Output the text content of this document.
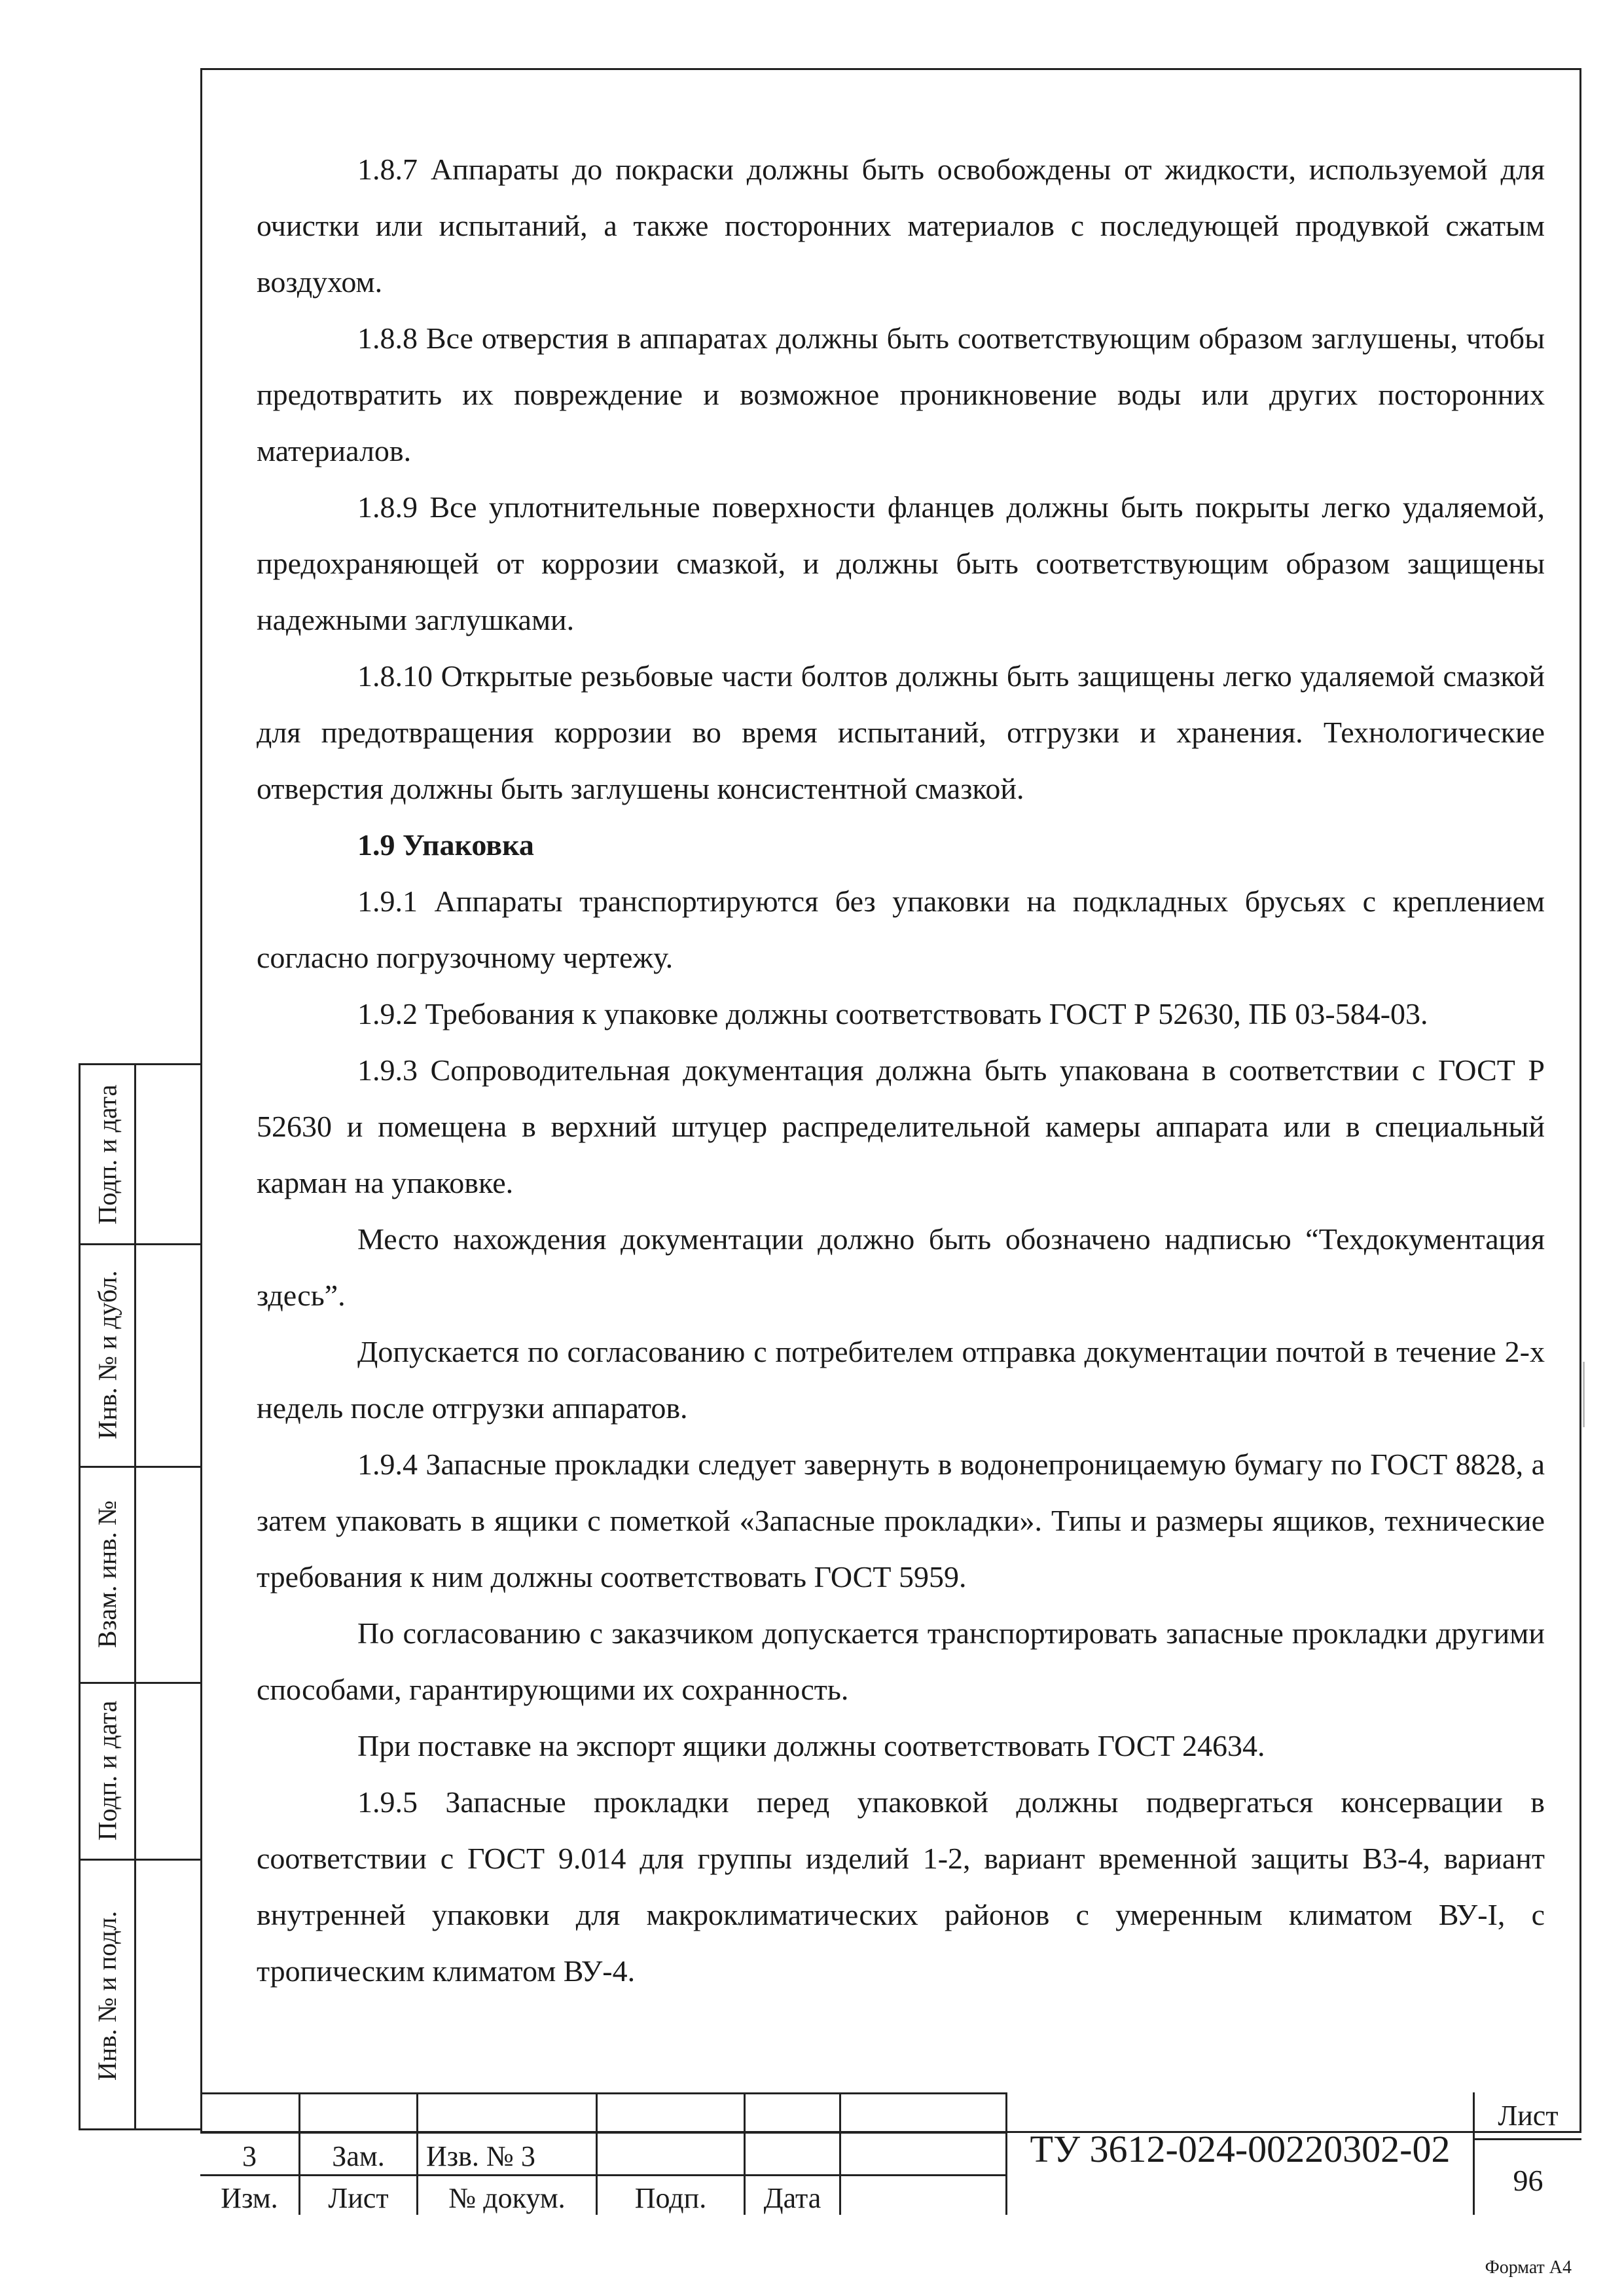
1.8.7 Аппараты до покраски должны быть освобождены от жидкости, используемой для очистки или испытаний, а также посторонних материалов с последующей продувкой сжатым воздухом.

1.8.8 Все отверстия в аппаратах должны быть соответствующим образом заглушены, чтобы предотвратить их повреждение и возможное проникновение воды или других посторонних материалов.

1.8.9 Все уплотнительные поверхности фланцев должны быть покрыты легко удаляемой, предохраняющей от коррозии смазкой, и должны быть соответствующим образом защищены надежными заглушками.

1.8.10 Открытые резьбовые части болтов должны быть защищены легко удаляемой смазкой для предотвращения коррозии во время испытаний, отгрузки и хранения. Технологические отверстия должны быть заглушены консистентной смазкой.

1.9 Упаковка

1.9.1 Аппараты транспортируются без упаковки на подкладных брусьях с креплением согласно погрузочному чертежу.

1.9.2 Требования к упаковке должны соответствовать ГОСТ Р 52630, ПБ 03-584-03.

1.9.3 Сопроводительная документация должна быть упакована в соответствии с ГОСТ Р 52630 и помещена в верхний штуцер распределительной камеры аппарата или в специальный карман на упаковке.

Место нахождения документации должно быть обозначено надписью “Техдокументация здесь”.

Допускается по согласованию с потребителем отправка документации почтой в течение 2-х недель после отгрузки аппаратов.

1.9.4 Запасные прокладки следует завернуть в водонепроницаемую бумагу по ГОСТ 8828, а затем упаковать в ящики с пометкой «Запасные прокладки». Типы и размеры ящиков, технические требования к ним должны соответствовать ГОСТ 5959.

По согласованию с заказчиком допускается транспортировать запасные прокладки другими способами, гарантирующими их сохранность.

При поставке на экспорт ящики должны соответствовать ГОСТ 24634.

1.9.5 Запасные прокладки перед упаковкой должны подвергаться консервации в соответствии с ГОСТ 9.014 для группы изделий 1-2, вариант временной защиты В3-4, вариант внутренней упаковки для макроклиматических районов с умеренным климатом ВУ-I, с тропическим климатом ВУ-4.

Подп. и дата
Инв. № и дубл.
Взам. инв. №
Подп. и дата
Инв. № и подл.
3	Зам.	Изв. № 3
Изм.	Лист	№ докум.	Подп.	Дата
ТУ 3612-024-00220302-02
Лист
96
Формат А4
